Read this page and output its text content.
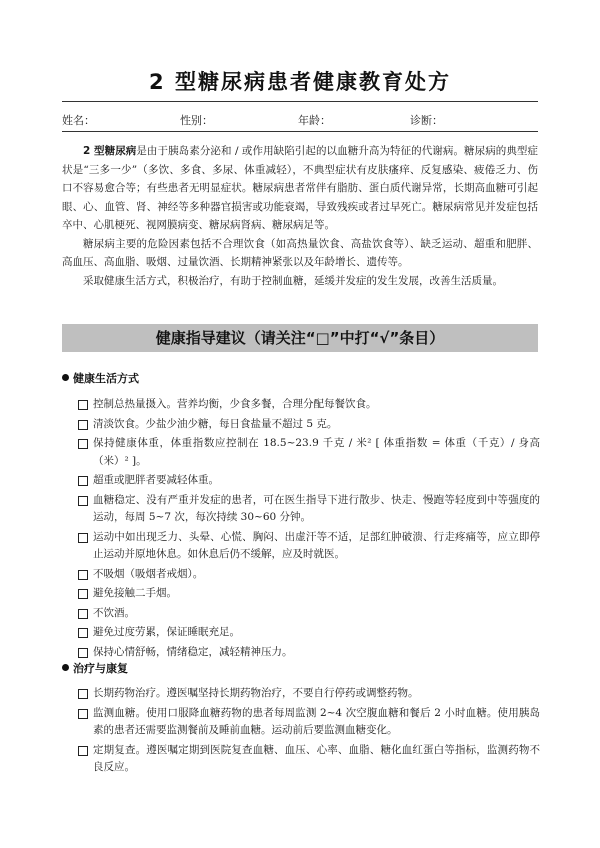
2 型糖尿病患者健康教育处方
姓名：	性别：	年龄：	诊断：

2 型糖尿病是由于胰岛素分泌和 / 或作用缺陷引起的以血糖升高为特征的代谢病。糖尿病的典型症状是“三多一少”（多饮、多食、多尿、体重减轻），不典型症状有皮肤瘙痒、反复感染、疲倦乏力、伤口不容易愈合等；有些患者无明显症状。糖尿病患者常伴有脂肪、蛋白质代谢异常，长期高血糖可引起眼、心、血管、肾、神经等多种器官损害或功能衰竭，导致残疾或者过早死亡。糖尿病常见并发症包括卒中、心肌梗死、视网膜病变、糖尿病肾病、糖尿病足等。

糖尿病主要的危险因素包括不合理饮食（如高热量饮食、高盐饮食等）、缺乏运动、超重和肥胖、高血压、高血脂、吸烟、过量饮酒、长期精神紧张以及年龄增长、遗传等。

采取健康生活方式，积极治疗，有助于控制血糖，延缓并发症的发生发展，改善生活质量。

健康指导建议（请关注“□”中打“√”条目）
健康生活方式
控制总热量摄入。营养均衡，少食多餐，合理分配每餐饮食。
清淡饮食。少盐少油少糖，每日食盐量不超过 5 克。
保持健康体重，体重指数应控制在 18.5~23.9 千克 / 米² [ 体重指数 = 体重（千克）/ 身高（米）² ]。
超重或肥胖者要减轻体重。
血糖稳定、没有严重并发症的患者，可在医生指导下进行散步、快走、慢跑等轻度到中等强度的运动，每周 5~7 次，每次持续 30~60 分钟。
运动中如出现乏力、头晕、心慌、胸闷、出虚汗等不适，足部红肿破溃、行走疼痛等，应立即停止运动并原地休息。如休息后仍不缓解，应及时就医。
不吸烟（吸烟者戒烟）。
避免接触二手烟。
不饮酒。
避免过度劳累，保证睡眠充足。
保持心情舒畅，情绪稳定，减轻精神压力。
治疗与康复
长期药物治疗。遵医嘱坚持长期药物治疗，不要自行停药或调整药物。
监测血糖。使用口服降血糖药物的患者每周监测 2~4 次空腹血糖和餐后 2 小时血糖。使用胰岛素的患者还需要监测餐前及睡前血糖。运动前后要监测血糖变化。
定期复查。遵医嘱定期到医院复查血糖、血压、心率、血脂、糖化血红蛋白等指标，监测药物不良反应。
